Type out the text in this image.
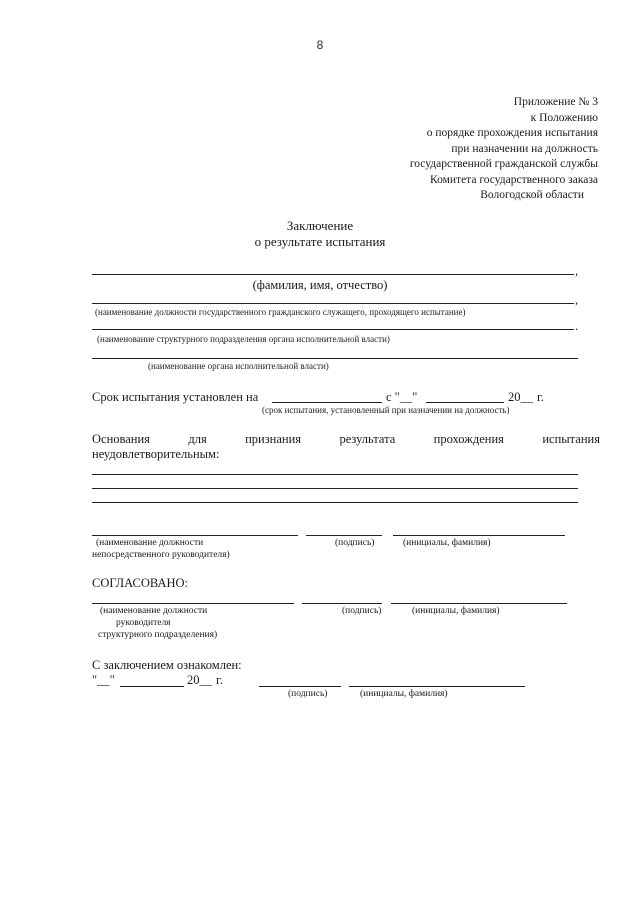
8
Приложение № 3
к Положению
о порядке прохождения испытания
при назначении на должность
государственной гражданской службы
Комитета государственного заказа
Вологодской области
Заключение
о результате испытания
,
(фамилия, имя, отчество)
,
(наименование должности государственного гражданского служащего, проходящего испытание)
.
(наименование структурного подразделения органа исполнительной власти)
(наименование органа исполнительной власти)
Срок испытания установлен на	с "__"	20__ г.
(срок испытания, установленный при назначении на должность)
Основания	для	признания	результата	прохождения	испытания
неудовлетворительным:
(наименование должности
непосредственного руководителя)
(подпись)	(инициалы, фамилия)
СОГЛАСОВАНО:
(наименование должности
руководителя
структурного подразделения)
(подпись)	(инициалы, фамилия)
С заключением ознакомлен:
"__"	20__ г.
(подпись)	(инициалы, фамилия)
